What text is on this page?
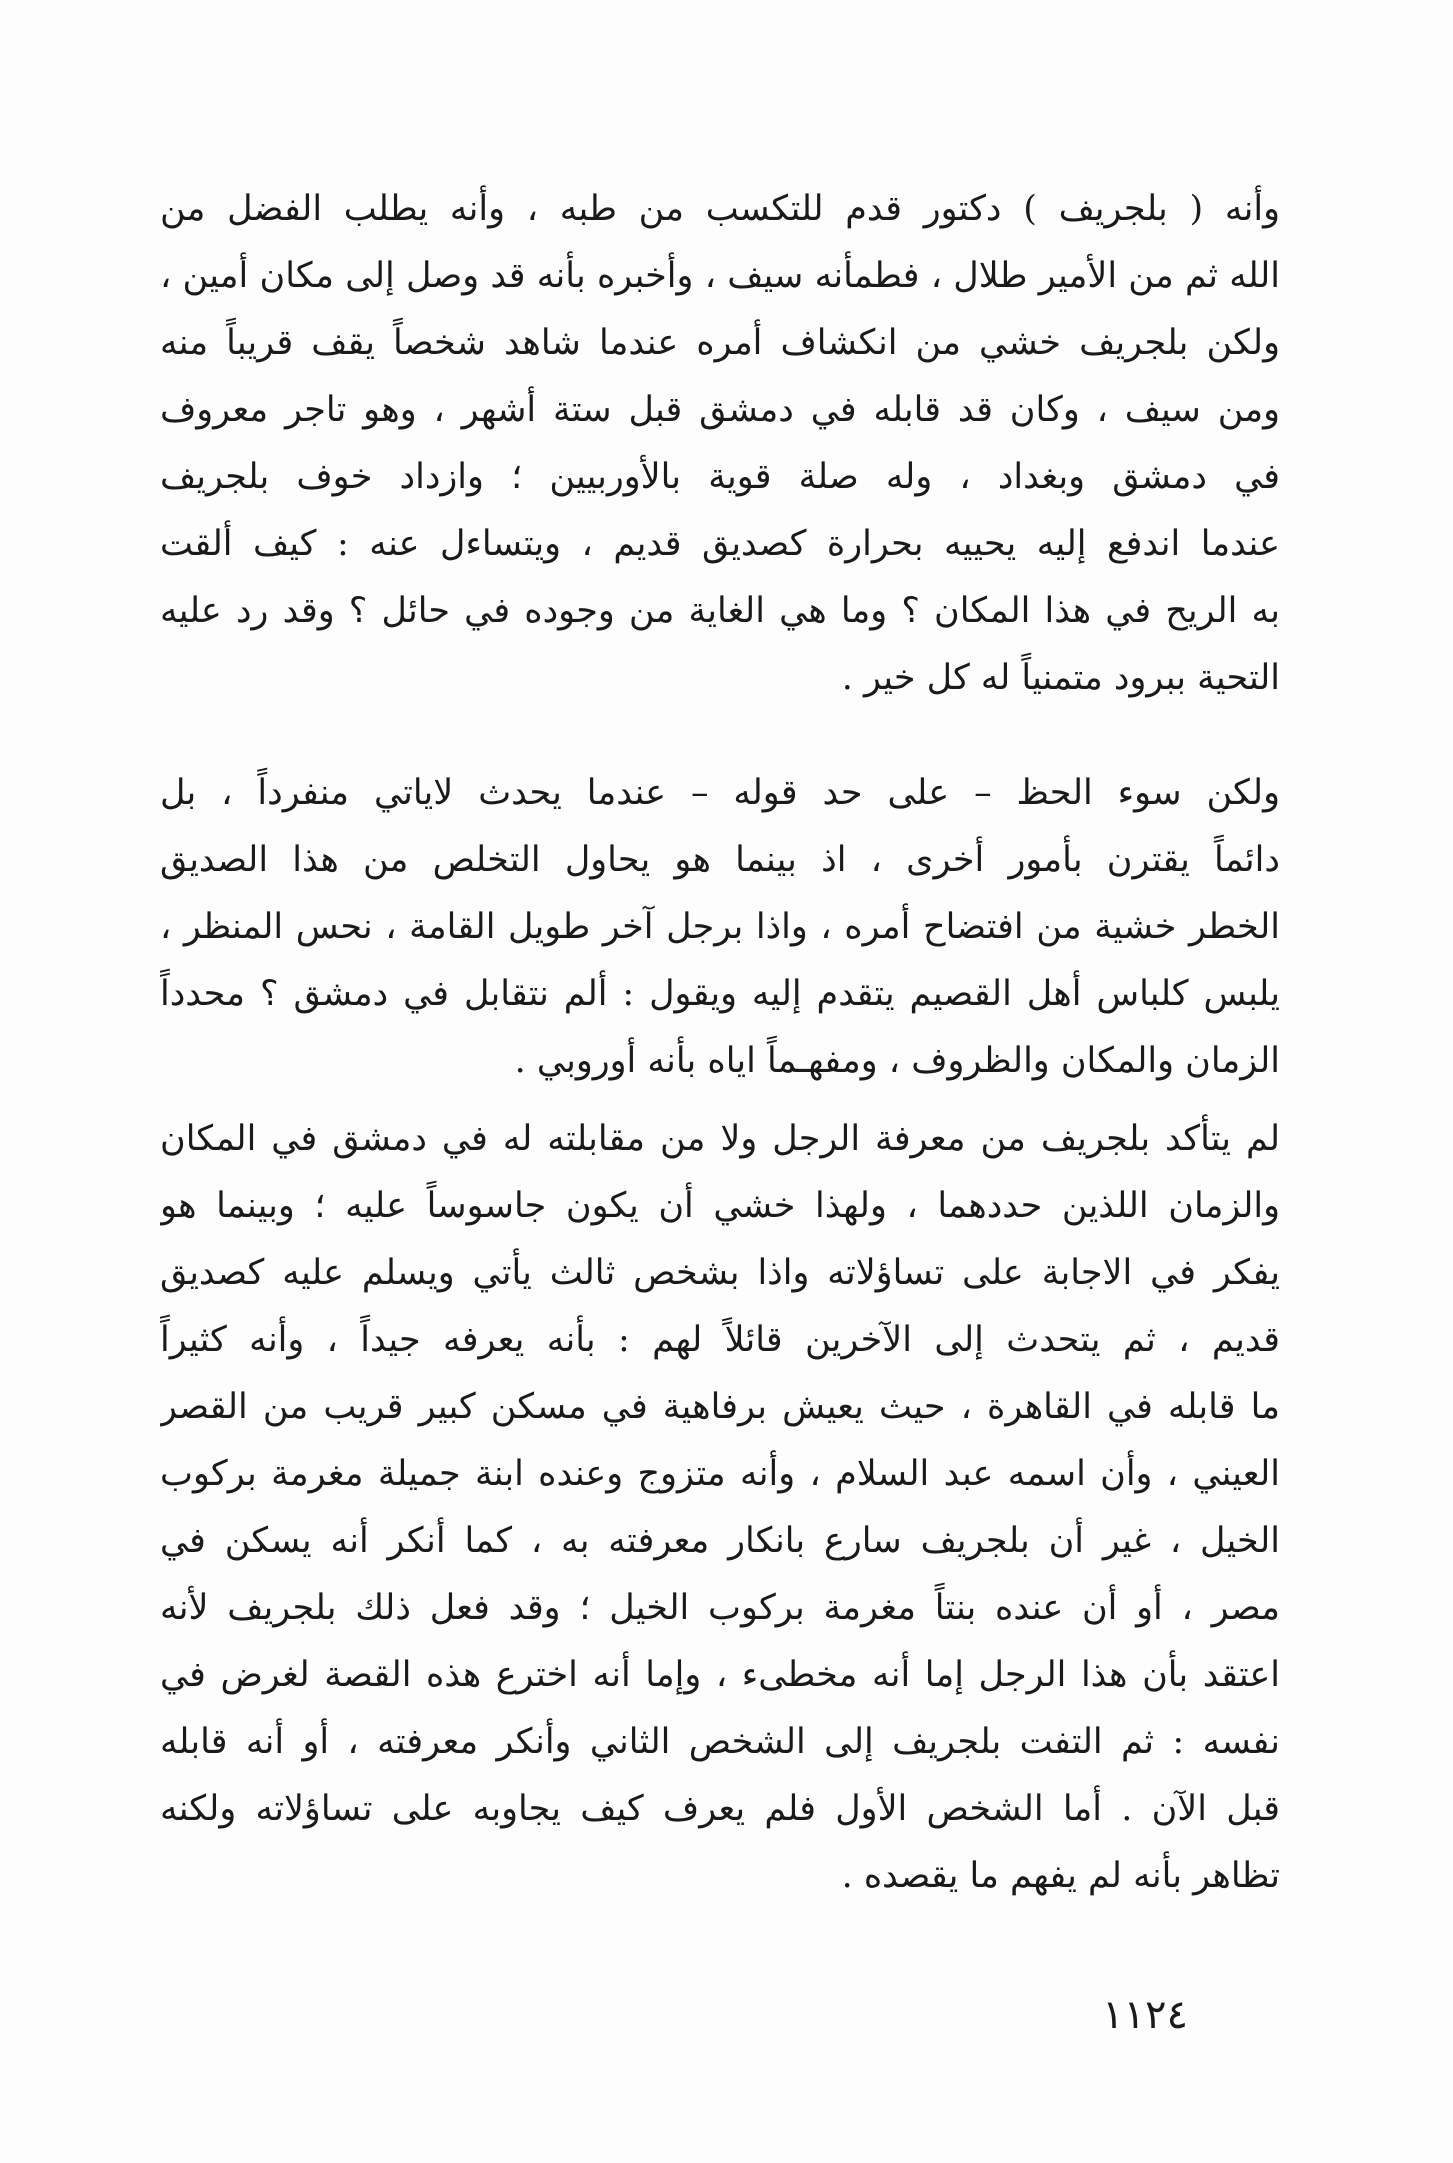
وأنه ( بلجريف ) دكتور قدم للتكسب من طبه ، وأنه يطلب الفضل من
الله ثم من الأمير طلال ، فطمأنه سيف ، وأخبره بأنه قد وصل إلى مكان أمين ،
ولكن بلجريف خشي من انكشاف أمره عندما شاهد شخصاً يقف قريباً منه
ومن سيف ، وكان قد قابله في دمشق قبل ستة أشهر ، وهو تاجر معروف
في دمشق وبغداد ، وله صلة قوية بالأوربيين ؛ وازداد خوف بلجريف
عندما اندفع إليه يحييه بحرارة كصديق قديم ، ويتساءل عنه : كيف ألقت
به الريح في هذا المكان ؟ وما هي الغاية من وجوده في حائل ؟ وقد رد عليه
التحية ببرود متمنياً له كل خير .
ولكن سوء الحظ – على حد قوله – عندما يحدث لاياتي منفرداً ، بل
دائماً يقترن بأمور أخرى ، اذ بينما هو يحاول التخلص من هذا الصديق
الخطر خشية من افتضاح أمره ، واذا برجل آخر طويل القامة ، نحس المنظر ،
يلبس كلباس أهل القصيم يتقدم إليه ويقول : ألم نتقابل في دمشق ؟ محدداً
الزمان والمكان والظروف ، ومفهـماً اياه بأنه أوروبي .
لم يتأكد بلجريف من معرفة الرجل ولا من مقابلته له في دمشق في المكان
والزمان اللذين حددهما ، ولهذا خشي أن يكون جاسوساً عليه ؛ وبينما هو
يفكر في الاجابة على تساؤلاته واذا بشخص ثالث يأتي ويسلم عليه كصديق
قديم ، ثم يتحدث إلى الآخرين قائلاً لهم : بأنه يعرفه جيداً ، وأنه كثيراً
ما قابله في القاهرة ، حيث يعيش برفاهية في مسكن كبير قريب من القصر
العيني ، وأن اسمه عبد السلام ، وأنه متزوج وعنده ابنة جميلة مغرمة بركوب
الخيل ، غير أن بلجريف سارع بانكار معرفته به ، كما أنكر أنه يسكن في
مصر ، أو أن عنده بنتاً مغرمة بركوب الخيل ؛ وقد فعل ذلك بلجريف لأنه
اعتقد بأن هذا الرجل إما أنه مخطىء ، وإما أنه اخترع هذه القصة لغرض في
نفسه : ثم التفت بلجريف إلى الشخص الثاني وأنكر معرفته ، أو أنه قابله
قبل الآن . أما الشخص الأول فلم يعرف كيف يجاوبه على تساؤلاته ولكنه
تظاهر بأنه لم يفهم ما يقصده .
١١٢٤
